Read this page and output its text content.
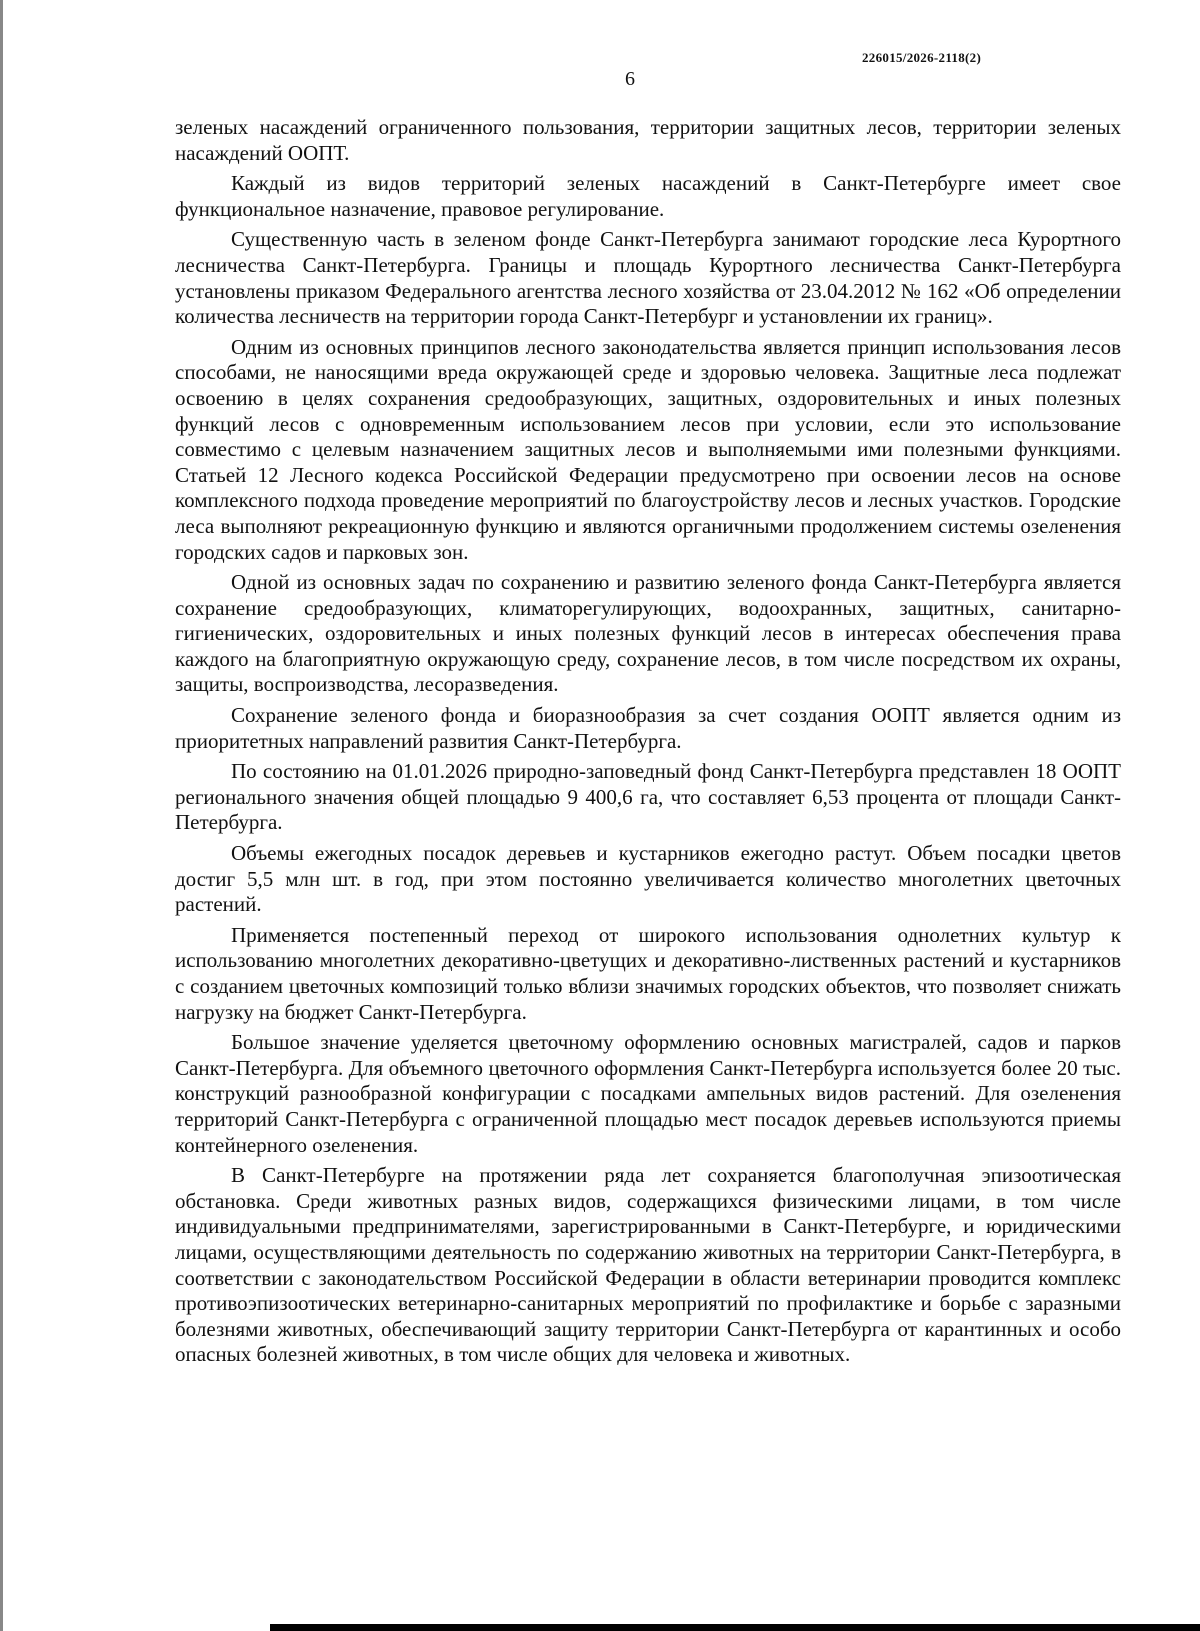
226015/2026-2118(2)
6

зеленых насаждений ограниченного пользования, территории защитных лесов, территории зеленых насаждений ООПТ.

Каждый из видов территорий зеленых насаждений в Санкт-Петербурге имеет свое функциональное назначение, правовое регулирование.

Существенную часть в зеленом фонде Санкт-Петербурга занимают городские леса Курортного лесничества Санкт-Петербурга. Границы и площадь Курортного лесничества Санкт-Петербурга установлены приказом Федерального агентства лесного хозяйства от 23.04.2012 № 162 «Об определении количества лесничеств на территории города Санкт-Петербург и установлении их границ».

Одним из основных принципов лесного законодательства является принцип использования лесов способами, не наносящими вреда окружающей среде и здоровью человека. Защитные леса подлежат освоению в целях сохранения средообразующих, защитных, оздоровительных и иных полезных функций лесов с одновременным использованием лесов при условии, если это использование совместимо с целевым назначением защитных лесов и выполняемыми ими полезными функциями. Статьей 12 Лесного кодекса Российской Федерации предусмотрено при освоении лесов на основе комплексного подхода проведение мероприятий по благоустройству лесов и лесных участков. Городские леса выполняют рекреационную функцию и являются органичными продолжением системы озеленения городских садов и парковых зон.

Одной из основных задач по сохранению и развитию зеленого фонда Санкт-Петербурга является сохранение средообразующих, климаторегулирующих, водоохранных, защитных, санитарно-гигиенических, оздоровительных и иных полезных функций лесов в интересах обеспечения права каждого на благоприятную окружающую среду, сохранение лесов, в том числе посредством их охраны, защиты, воспроизводства, лесоразведения.

Сохранение зеленого фонда и биоразнообразия за счет создания ООПТ является одним из приоритетных направлений развития Санкт-Петербурга.

По состоянию на 01.01.2026 природно-заповедный фонд Санкт-Петербурга представлен 18 ООПТ регионального значения общей площадью 9 400,6 га, что составляет 6,53 процента от площади Санкт-Петербурга.

Объемы ежегодных посадок деревьев и кустарников ежегодно растут. Объем посадки цветов достиг 5,5 млн шт. в год, при этом постоянно увеличивается количество многолетних цветочных растений.

Применяется постепенный переход от широкого использования однолетних культур к использованию многолетних декоративно-цветущих и декоративно-лиственных растений и кустарников с созданием цветочных композиций только вблизи значимых городских объектов, что позволяет снижать нагрузку на бюджет Санкт-Петербурга.

Большое значение уделяется цветочному оформлению основных магистралей, садов и парков Санкт-Петербурга. Для объемного цветочного оформления Санкт-Петербурга используется более 20 тыс. конструкций разнообразной конфигурации с посадками ампельных видов растений. Для озеленения территорий Санкт-Петербурга с ограниченной площадью мест посадок деревьев используются приемы контейнерного озеленения.

В Санкт-Петербурге на протяжении ряда лет сохраняется благополучная эпизоотическая обстановка. Среди животных разных видов, содержащихся физическими лицами, в том числе индивидуальными предпринимателями, зарегистрированными в Санкт-Петербурге, и юридическими лицами, осуществляющими деятельность по содержанию животных на территории Санкт-Петербурга, в соответствии с законодательством Российской Федерации в области ветеринарии проводится комплекс противоэпизоотических ветеринарно-санитарных мероприятий по профилактике и борьбе с заразными болезнями животных, обеспечивающий защиту территории Санкт-Петербурга от карантинных и особо опасных болезней животных, в том числе общих для человека и животных.
